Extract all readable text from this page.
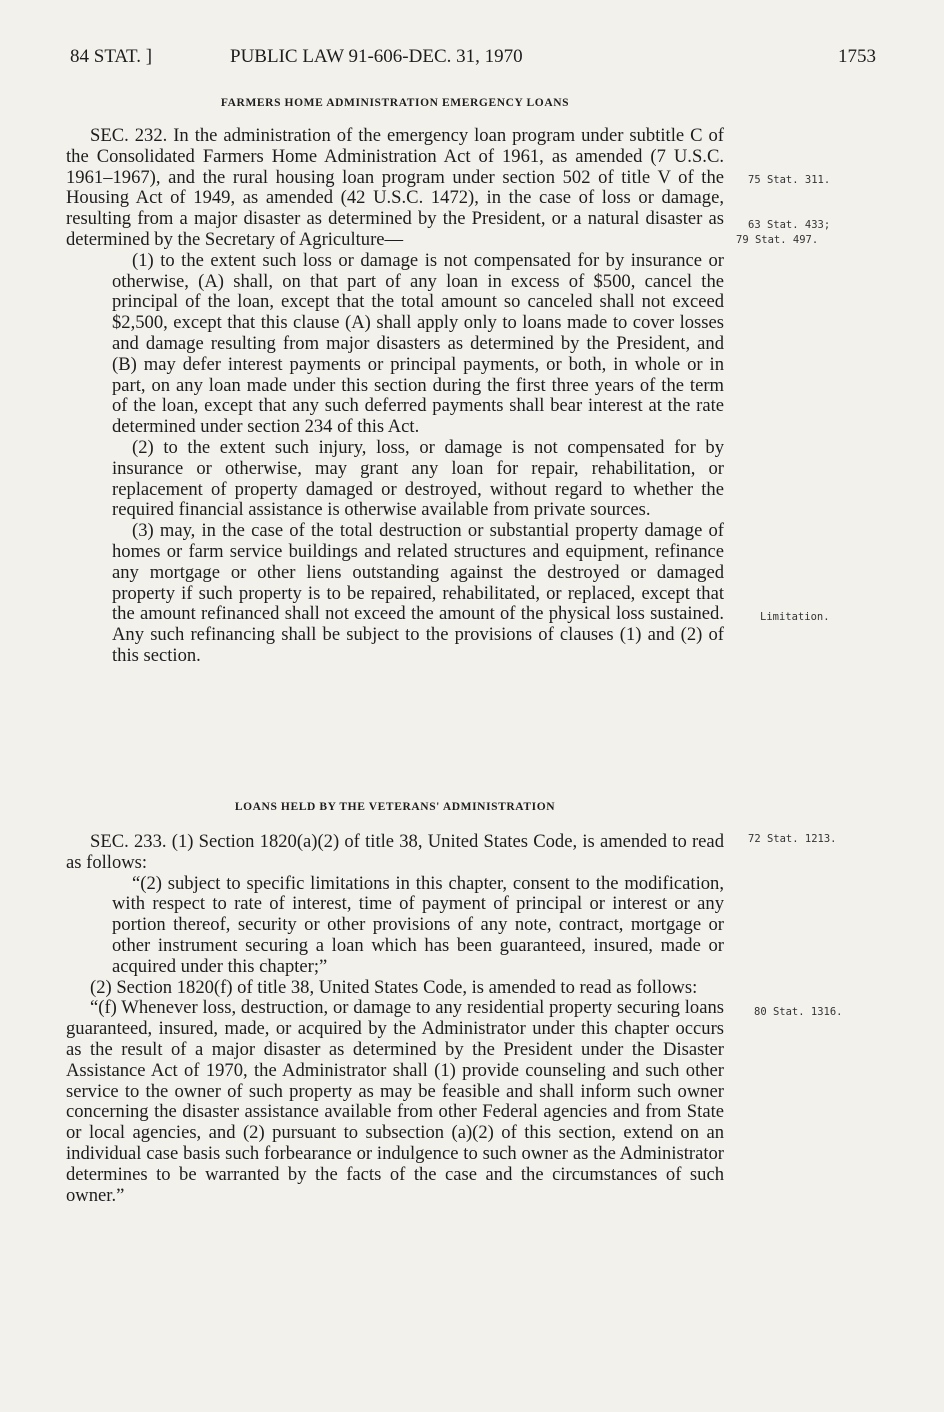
84 STAT. ]	PUBLIC LAW 91-606-DEC. 31, 1970	1753
FARMERS HOME ADMINISTRATION EMERGENCY LOANS

SEC. 232. In the administration of the emergency loan program under subtitle C of the Consolidated Farmers Home Administration Act of 1961, as amended (7 U.S.C. 1961–1967), and the rural housing loan program under section 502 of title V of the Housing Act of 1949, as amended (42 U.S.C. 1472), in the case of loss or damage, resulting from a major disaster as determined by the President, or a natural disaster as determined by the Secretary of Agriculture—

(1) to the extent such loss or damage is not compensated for by insurance or otherwise, (A) shall, on that part of any loan in excess of $500, cancel the principal of the loan, except that the total amount so canceled shall not exceed $2,500, except that this clause (A) shall apply only to loans made to cover losses and damage resulting from major disasters as determined by the President, and (B) may defer interest payments or principal payments, or both, in whole or in part, on any loan made under this section during the first three years of the term of the loan, except that any such deferred payments shall bear interest at the rate determined under section 234 of this Act.

(2) to the extent such injury, loss, or damage is not compensated for by insurance or otherwise, may grant any loan for repair, rehabilitation, or replacement of property damaged or destroyed, without regard to whether the required financial assistance is otherwise available from private sources.

(3) may, in the case of the total destruction or substantial property damage of homes or farm service buildings and related structures and equipment, refinance any mortgage or other liens outstanding against the destroyed or damaged property if such property is to be repaired, rehabilitated, or replaced, except that the amount refinanced shall not exceed the amount of the physical loss sustained. Any such refinancing shall be subject to the provisions of clauses (1) and (2) of this section.

LOANS HELD BY THE VETERANS' ADMINISTRATION

SEC. 233. (1) Section 1820(a)(2) of title 38, United States Code, is amended to read as follows:

“(2) subject to specific limitations in this chapter, consent to the modification, with respect to rate of interest, time of payment of principal or interest or any portion thereof, security or other provisions of any note, contract, mortgage or other instrument securing a loan which has been guaranteed, insured, made or acquired under this chapter;”

(2) Section 1820(f) of title 38, United States Code, is amended to read as follows:

“(f) Whenever loss, destruction, or damage to any residential property securing loans guaranteed, insured, made, or acquired by the Administrator under this chapter occurs as the result of a major disaster as determined by the President under the Disaster Assistance Act of 1970, the Administrator shall (1) provide counseling and such other service to the owner of such property as may be feasible and shall inform such owner concerning the disaster assistance available from other Federal agencies and from State or local agencies, and (2) pursuant to subsection (a)(2) of this section, extend on an individual case basis such forbearance or indulgence to such owner as the Administrator determines to be warranted by the facts of the case and the circumstances of such owner.”

75 Stat. 311.
63 Stat. 433;
79 Stat. 497.
Limitation.
72 Stat. 1213.
80 Stat. 1316.
